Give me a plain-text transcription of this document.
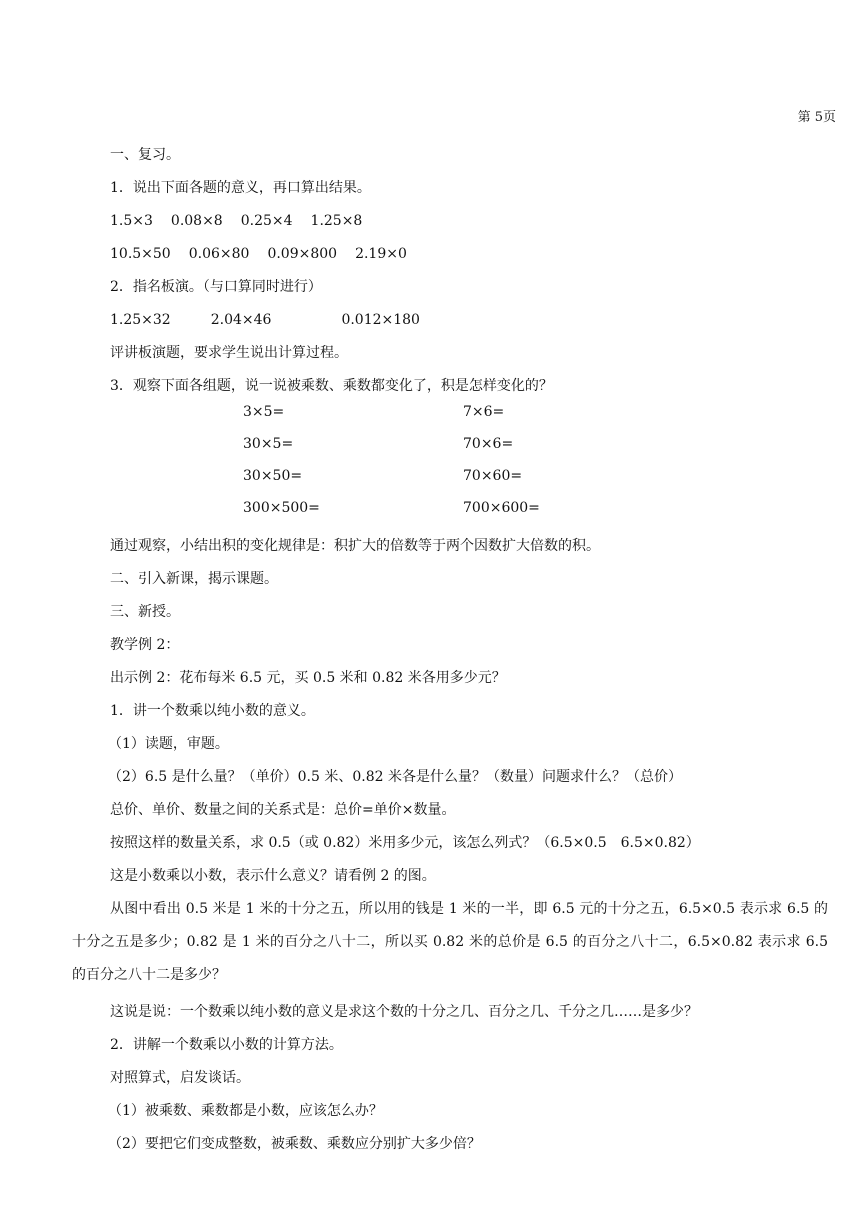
第 5页
一、复习。
1．说出下面各题的意义，再口算出结果。
1.5×3 0.08×8 0.25×4 1.25×8
10.5×50 0.06×80 0.09×800 2.19×0
2．指名板演。（与口算同时进行）
1.25×32	2.04×46	0.012×180
评讲板演题，要求学生说出计算过程。
3．观察下面各组题，说一说被乘数、乘数都变化了，积是怎样变化的？
3×5=
30×5=
30×50=
300×500=
7×6=
70×6=
70×60=
700×600=
通过观察，小结出积的变化规律是：积扩大的倍数等于两个因数扩大倍数的积。
二、引入新课，揭示课题。
三、新授。
教学例 2：
出示例 2：花布每米 6.5 元，买 0.5 米和 0.82 米各用多少元？
1．讲一个数乘以纯小数的意义。
（1）读题，审题。
（2）6.5 是什么量？（单价）0.5 米、0.82 米各是什么量？（数量）问题求什么？（总价）
总价、单价、数量之间的关系式是：总价=单价×数量。
按照这样的数量关系，求 0.5（或 0.82）米用多少元，该怎么列式？（6.5×0.5　6.5×0.82）
这是小数乘以小数，表示什么意义？请看例 2 的图。
从图中看出 0.5 米是 1 米的十分之五，所以用的钱是 1 米的一半，即 6.5 元的十分之五，6.5×0.5 表示求 6.5 的十分之五是多少；0.82 是 1 米的百分之八十二，所以买 0.82 米的总价是 6.5 的百分之八十二，6.5×0.82 表示求 6.5 的百分之八十二是多少？
这说是说：一个数乘以纯小数的意义是求这个数的十分之几、百分之几、千分之几……是多少？
2．讲解一个数乘以小数的计算方法。
对照算式，启发谈话。
（1）被乘数、乘数都是小数，应该怎么办？
（2）要把它们变成整数，被乘数、乘数应分别扩大多少倍？
